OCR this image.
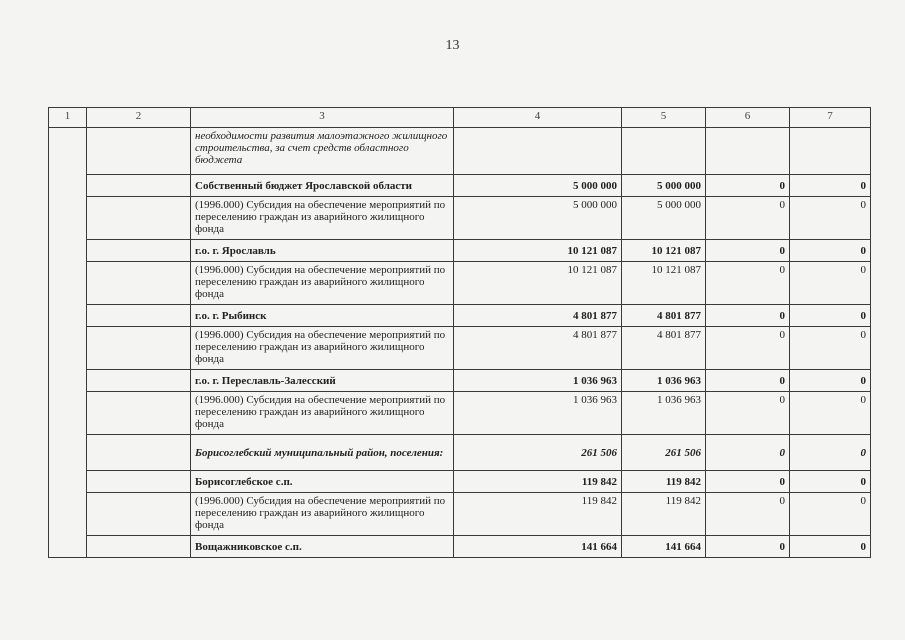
13
1	2	3	4	5	6	7
		необходимости развития малоэтажного жилищного строительства, за счет средств областного бюджета				
		Собственный бюджет Ярославской области	5 000 000	5 000 000	0	0
		(1996.000) Субсидия на обеспечение мероприятий по переселению граждан из аварийного жилищного фонда	5 000 000	5 000 000	0	0
		г.о. г. Ярославль	10 121 087	10 121 087	0	0
		(1996.000) Субсидия на обеспечение мероприятий по переселению граждан из аварийного жилищного фонда	10 121 087	10 121 087	0	0
		г.о. г. Рыбинск	4 801 877	4 801 877	0	0
		(1996.000) Субсидия на обеспечение мероприятий по переселению граждан из аварийного жилищного фонда	4 801 877	4 801 877	0	0
		г.о. г. Переславль-Залесский	1 036 963	1 036 963	0	0
		(1996.000) Субсидия на обеспечение мероприятий по переселению граждан из аварийного жилищного фонда	1 036 963	1 036 963	0	0
		Борисоглебский муниципальный район, поселения:	261 506	261 506	0	0
		Борисоглебское с.п.	119 842	119 842	0	0
		(1996.000) Субсидия на обеспечение мероприятий по переселению граждан из аварийного жилищного фонда	119 842	119 842	0	0
		Вощажниковское с.п.	141 664	141 664	0	0
